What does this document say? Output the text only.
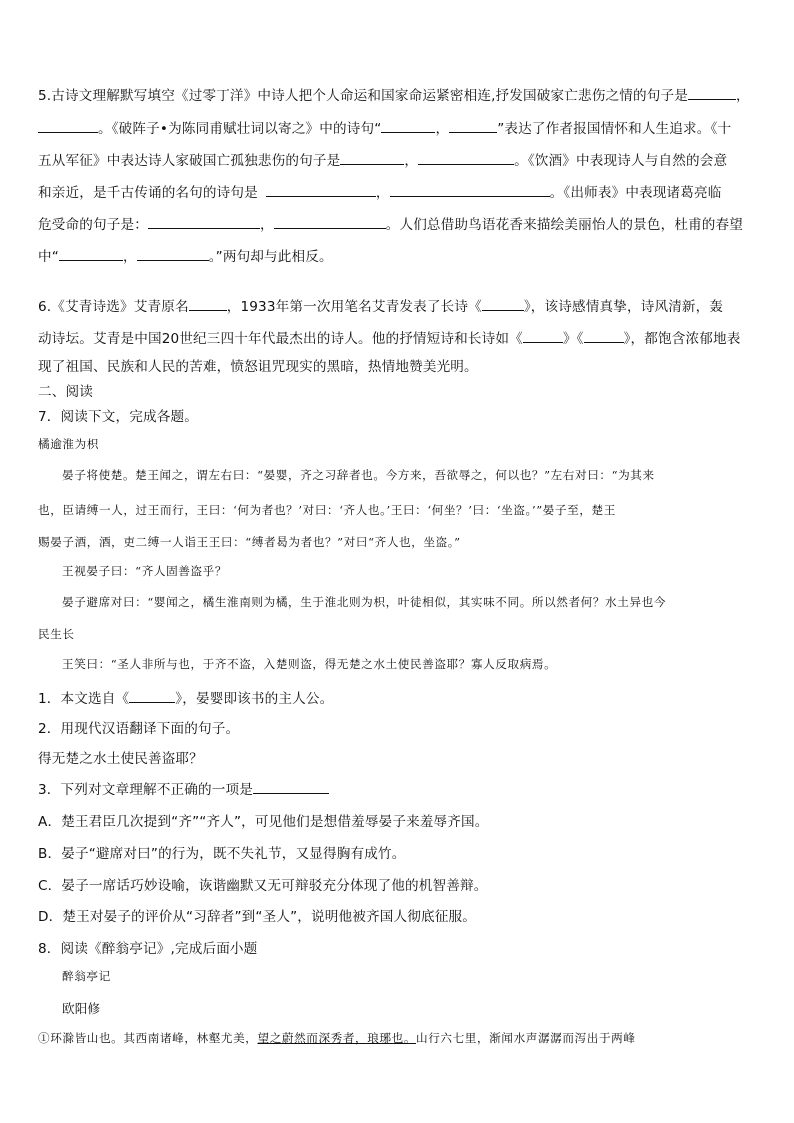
5.古诗文理解默写填空《过零丁洋》中诗人把个人命运和国家命运紧密相连,抒发国破家亡悲伤之情的句子是	，
。《破阵子•为陈同甫赋壮词以寄之》中的诗句“	，	”表达了作者报国情怀和人生追求。《十
五从军征》中表达诗人家破国亡孤独悲伤的句子是	，	。《饮酒》中表现诗人与自然的会意
和亲近，是千古传诵的名句的诗句是	，	。《出师表》中表现诸葛亮临
危受命的句子是：	，	。人们总借助鸟语花香来描绘美丽怡人的景色，杜甫的春望
中“	，	。”两句却与此相反。
6.《艾青诗选》艾青原名	，1933年第一次用笔名艾青发表了长诗《	》，该诗感情真挚，诗风清新，轰
动诗坛。艾青是中国20世纪三四十年代最杰出的诗人。他的抒情短诗和长诗如《	》《	》，都饱含浓郁地表
现了祖国、民族和人民的苦难，愤怒诅咒现实的黑暗，热情地赞美光明。
二、阅读
7．阅读下文，完成各题。
橘逾淮为枳
晏子将使楚。楚王闻之，谓左右曰：“晏婴，齐之习辞者也。今方来，吾欲辱之，何以也？”左右对曰：“为其来
也，臣请缚一人，过王而行，王曰：‘何为者也？’对曰：‘齐人也。’王曰：‘何坐？’曰：‘坐盗。’”晏子至，楚王
赐晏子酒，酒，吏二缚一人诣王王曰：“缚者曷为者也？”对曰“齐人也，坐盗。”
王视晏子曰：“齐人固善盗乎？
晏子避席对曰：“婴闻之，橘生淮南则为橘，生于淮北则为枳，叶徒相似，其实味不同。所以然者何？水土异也今
民生长
王笑曰：“圣人非所与也，于齐不盗，入楚则盗，得无楚之水土使民善盗耶？寡人反取病焉。
1．本文选自《	》，晏婴即该书的主人公。
2．用现代汉语翻译下面的句子。
得无楚之水土使民善盗耶？
3．下列对文章理解不正确的一项是
A．楚王君臣几次提到“齐”“齐人”，可见他们是想借羞辱晏子来羞辱齐国。
B．晏子“避席对曰”的行为，既不失礼节，又显得胸有成竹。
C．晏子一席话巧妙设喻，诙谐幽默又无可辩驳充分体现了他的机智善辩。
D．楚王对晏子的评价从“习辞者”到“圣人”，说明他被齐国人彻底征服。
8．阅读《醉翁亭记》,完成后面小题
醉翁亭记
欧阳修
①环滁皆山也。其西南诸峰，林壑尤美，望之蔚然而深秀者，琅琊也。山行六七里，渐闻水声潺潺而泻出于两峰
